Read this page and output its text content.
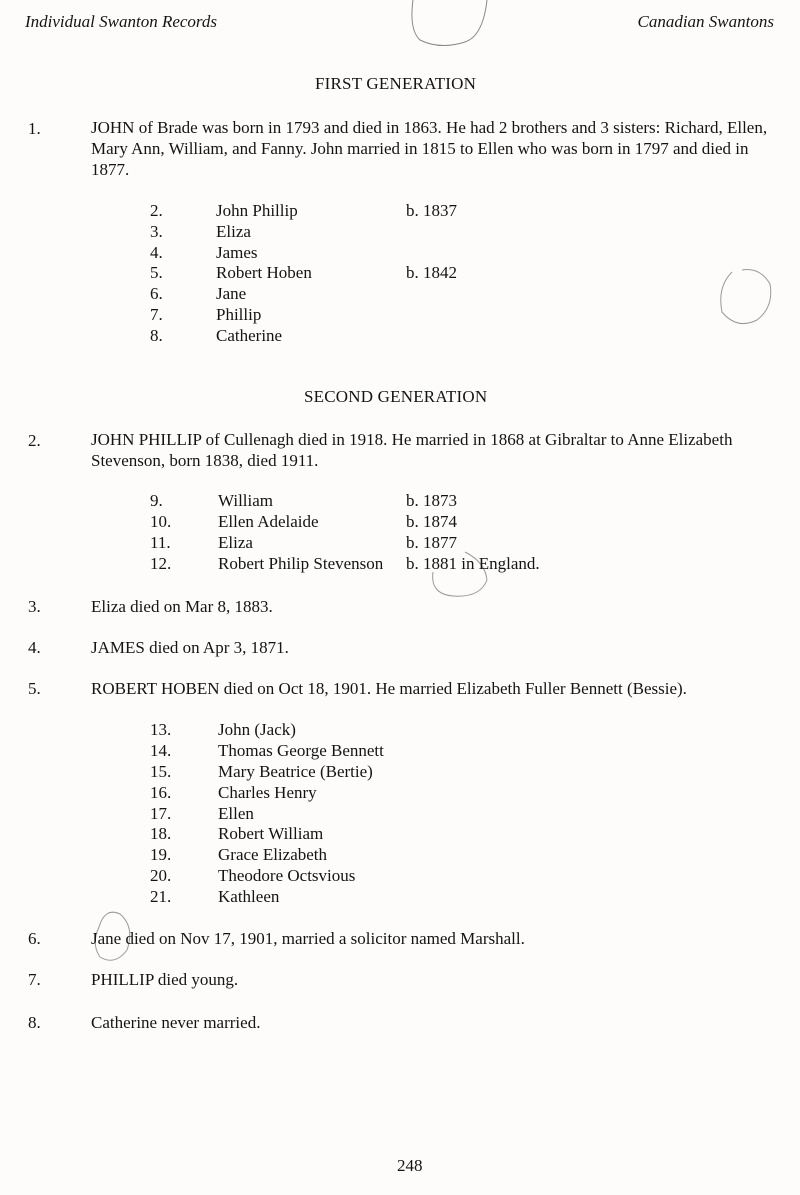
Individual Swanton Records	Canadian Swantons
FIRST GENERATION
1.	JOHN of Brade was born in 1793 and died in 1863. He had 2 brothers and 3 sisters: Richard, Ellen, Mary Ann, William, and Fanny. John married in 1815 to Ellen who was born in 1797 and died in 1877.
2.	John Phillip	b. 1837
3.	Eliza
4.	James
5.	Robert Hoben	b. 1842
6.	Jane
7.	Phillip
8.	Catherine
SECOND GENERATION
2.	JOHN PHILLIP of Cullenagh died in 1918. He married in 1868 at Gibraltar to Anne Elizabeth Stevenson, born 1838, died 1911.
9.	William	b. 1873
10.	Ellen Adelaide	b. 1874
11.	Eliza	b. 1877
12.	Robert Philip Stevenson b. 1881 in England.
3.	Eliza died on Mar 8, 1883.
4.	JAMES died on Apr 3, 1871.
5.	ROBERT HOBEN died on Oct 18, 1901. He married Elizabeth Fuller Bennett (Bessie).
13.	John (Jack)
14.	Thomas George Bennett
15.	Mary Beatrice (Bertie)
16.	Charles Henry
17.	Ellen
18.	Robert William
19.	Grace Elizabeth
20.	Theodore Octsvious
21.	Kathleen
6.	Jane died on Nov 17, 1901, married a solicitor named Marshall.
7.	PHILLIP died young.
8.	Catherine never married.
248
